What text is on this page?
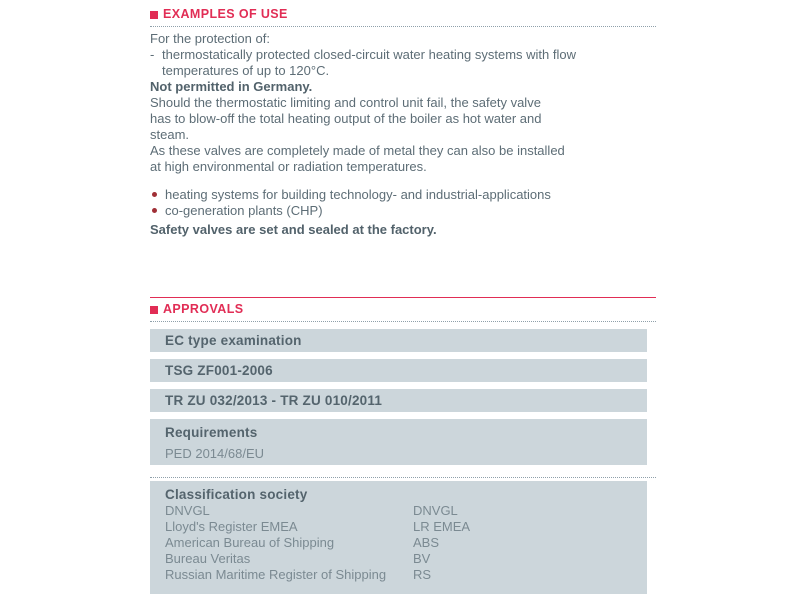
EXAMPLES OF USE
For the protection of:
- thermostatically protected closed-circuit water heating systems with flow
temperatures of up to 120°C.
Not permitted in Germany.
Should the thermostatic limiting and control unit fail, the safety valve
has to blow-off the total heating output of the boiler as hot water and
steam.
As these valves are completely made of metal they can also be installed
at high environmental or radiation temperatures.
heating systems for building technology- and industrial-applications
co-generation plants (CHP)
Safety valves are set and sealed at the factory.
APPROVALS
EC type examination
TSG ZF001-2006
TR ZU 032/2013 - TR ZU 010/2011
Requirements
PED 2014/68/EU
Classification society
DNVGL	DNVGL
Lloyd's Register EMEA	LR EMEA
American Bureau of Shipping	ABS
Bureau Veritas	BV
Russian Maritime Register of Shipping	RS
